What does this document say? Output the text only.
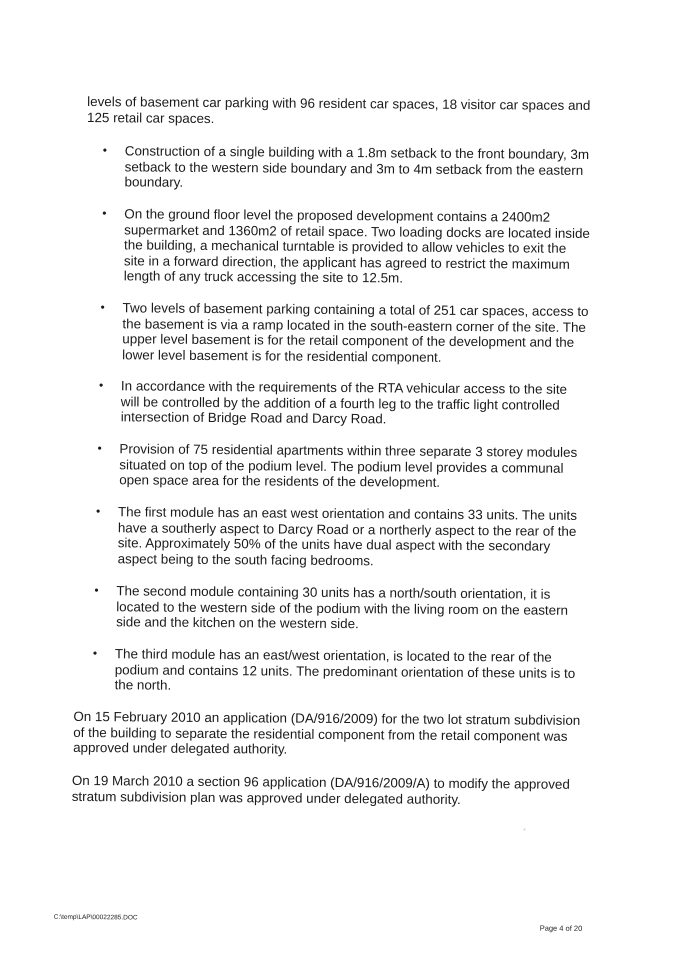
levels of basement car parking with 96 resident car spaces, 18 visitor car spaces and 125 retail car spaces.

•	Construction of a single building with a 1.8m setback to the front boundary, 3m setback to the western side boundary and 3m to 4m setback from the eastern boundary.
•	On the ground floor level the proposed development contains a 2400m2 supermarket and 1360m2 of retail space. Two loading docks are located inside the building, a mechanical turntable is provided to allow vehicles to exit the site in a forward direction, the applicant has agreed to restrict the maximum length of any truck accessing the site to 12.5m.
•	Two levels of basement parking containing a total of 251 car spaces, access to the basement is via a ramp located in the south-eastern corner of the site. The upper level basement is for the retail component of the development and the lower level basement is for the residential component.
•	In accordance with the requirements of the RTA vehicular access to the site will be controlled by the addition of a fourth leg to the traffic light controlled intersection of Bridge Road and Darcy Road.
•	Provision of 75 residential apartments within three separate 3 storey modules situated on top of the podium level. The podium level provides a communal open space area for the residents of the development.
•	The first module has an east west orientation and contains 33 units. The units have a southerly aspect to Darcy Road or a northerly aspect to the rear of the site. Approximately 50% of the units have dual aspect with the secondary aspect being to the south facing bedrooms.
•	The second module containing 30 units has a north/south orientation, it is located to the western side of the podium with the living room on the eastern side and the kitchen on the western side.
•	The third module has an east/west orientation, is located to the rear of the podium and contains 12 units. The predominant orientation of these units is to the north.

On 15 February 2010 an application (DA/916/2009) for the two lot stratum subdivision of the building to separate the residential component from the retail component was approved under delegated authority.

On 19 March 2010 a section 96 application (DA/916/2009/A) to modify the approved stratum subdivision plan was approved under delegated authority.

C:\temp\LAP\00022285.DOC
Page 4 of 20
